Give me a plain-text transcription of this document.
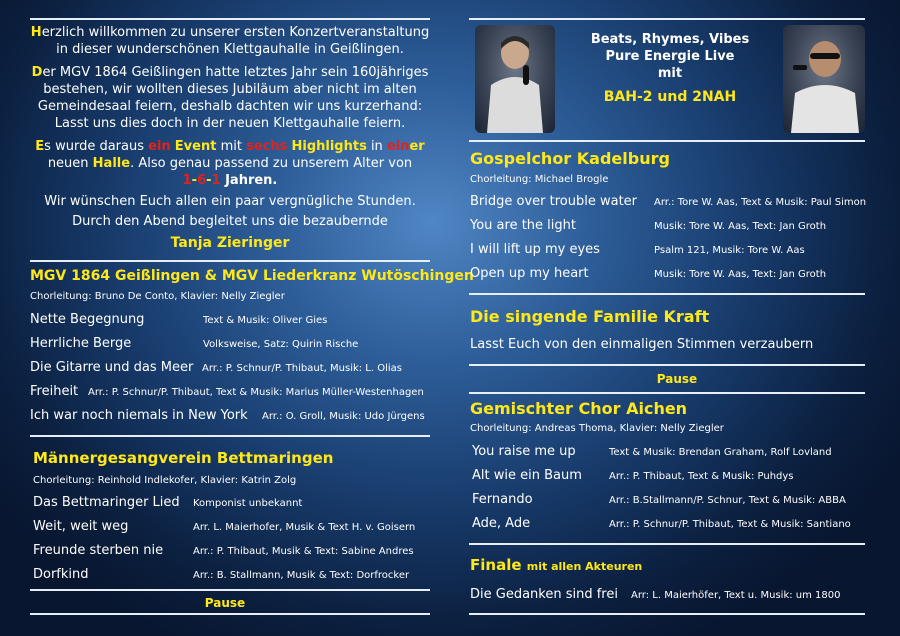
Herzlich willkommen zu unserer ersten Konzertveranstaltung
in dieser wunderschönen Klettgauhalle in Geißlingen.
Der MGV 1864 Geißlingen hatte letztes Jahr sein 160jähriges
bestehen, wir wollten dieses Jubiläum aber nicht im alten
Gemeindesaal feiern, deshalb dachten wir uns kurzerhand:
Lasst uns dies doch in der neuen Klettgauhalle feiern.
Es wurde daraus ein Event mit sechs Highlights in einer
neuen Halle. Also genau passend zu unserem Alter von
1-6-1 Jahren.
Wir wünschen Euch allen ein paar vergnügliche Stunden.
Durch den Abend begleitet uns die bezaubernde
Tanja Zieringer
MGV 1864 Geißlingen & MGV Liederkranz Wutöschingen
Chorleitung: Bruno De Conto, Klavier: Nelly Ziegler
Nette Begegnung	Text & Musik: Oliver Gies
Herrliche Berge	Volksweise, Satz: Quirin Rische
Die Gitarre und das Meer Arr.: P. Schnur/P. Thibaut, Musik: L. Olias
Freiheit Arr.: P. Schnur/P. Thibaut, Text & Musik: Marius Müller-Westenhagen
Ich war noch niemals in New York Arr.: O. Groll, Musik: Udo Jürgens
Männergesangverein Bettmaringen
Chorleitung: Reinhold Indlekofer, Klavier: Katrin Zolg
Das Bettmaringer Lied Komponist unbekannt
Weit, weit weg	Arr. L. Maierhofer, Musik & Text H. v. Goisern
Freunde sterben nie	Arr.: P. Thibaut, Musik & Text: Sabine Andres
Dorfkind	Arr.: B. Stallmann, Musik & Text: Dorfrocker
Pause
Beats, Rhymes, Vibes
Pure Energie Live
mit
BAH-2 und 2NAH
Gospelchor Kadelburg
Chorleitung: Michael Brogle
Bridge over trouble water Arr.: Tore W. Aas, Text & Musik: Paul Simon
You are the light	Musik: Tore W. Aas, Text: Jan Groth
I will lift up my eyes	Psalm 121, Musik: Tore W. Aas
Open up my heart	Musik: Tore W. Aas, Text: Jan Groth
Die singende Familie Kraft
Lasst Euch von den einmaligen Stimmen verzaubern
Pause
Gemischter Chor Aichen
Chorleitung: Andreas Thoma, Klavier: Nelly Ziegler
You raise me up	Text & Musik: Brendan Graham, Rolf Lovland
Alt wie ein Baum	Arr.: P. Thibaut, Text & Musik: Puhdys
Fernando	Arr.: B.Stallmann/P. Schnur, Text & Musik: ABBA
Ade, Ade	Arr.: P. Schnur/P. Thibaut, Text & Musik: Santiano
Finale mit allen Akteuren
Die Gedanken sind frei Arr: L. Maierhöfer, Text u. Musik: um 1800
